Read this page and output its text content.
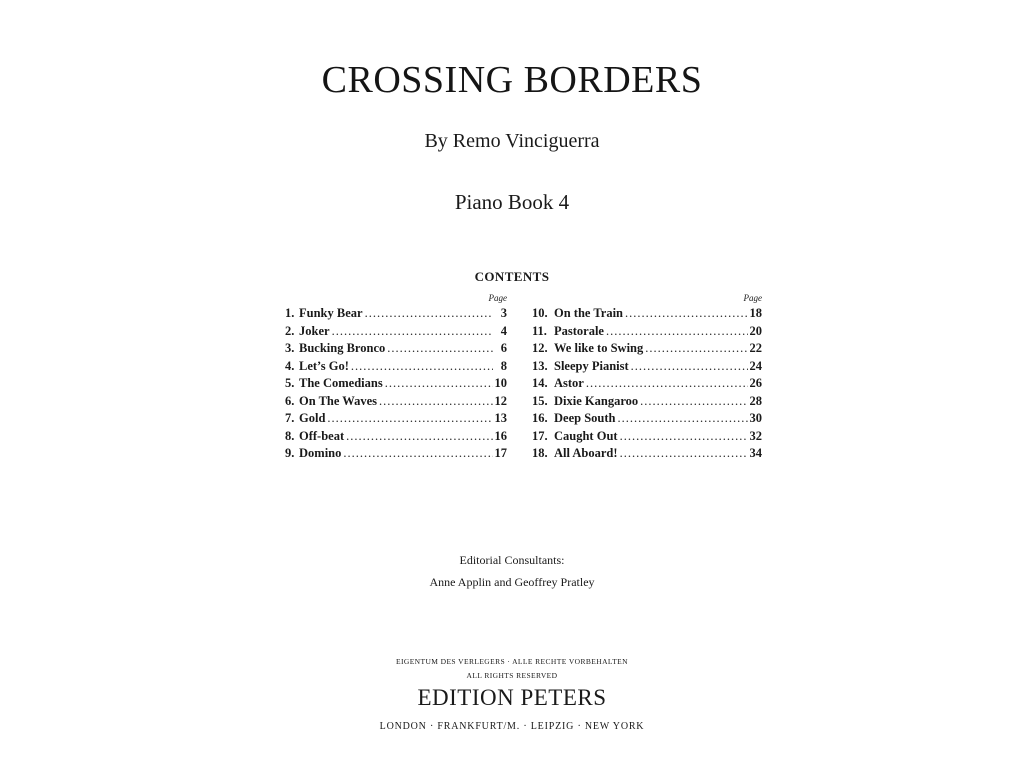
CROSSING BORDERS
By Remo Vinciguerra
Piano Book 4
CONTENTS
Page
1. Funky Bear .....	3
2. Joker .....	4
3. Bucking Bronco .....	6
4. Let’s Go! .....	8
5. The Comedians .....	10
6. On The Waves .....	12
7. Gold .....	13
8. Off-beat .....	16
9. Domino .....	17
Page
10. On the Train .....	18
11. Pastorale .....	20
12. We like to Swing .....	22
13. Sleepy Pianist .....	24
14. Astor .....	26
15. Dixie Kangaroo .....	28
16. Deep South .....	30
17. Caught Out .....	32
18. All Aboard! .....	34
Editorial Consultants:
Anne Applin and Geoffrey Pratley
EIGENTUM DES VERLEGERS · ALLE RECHTE VORBEHALTEN
ALL RIGHTS RESERVED
EDITION PETERS
LONDON · FRANKFURT/M. · LEIPZIG · NEW YORK
